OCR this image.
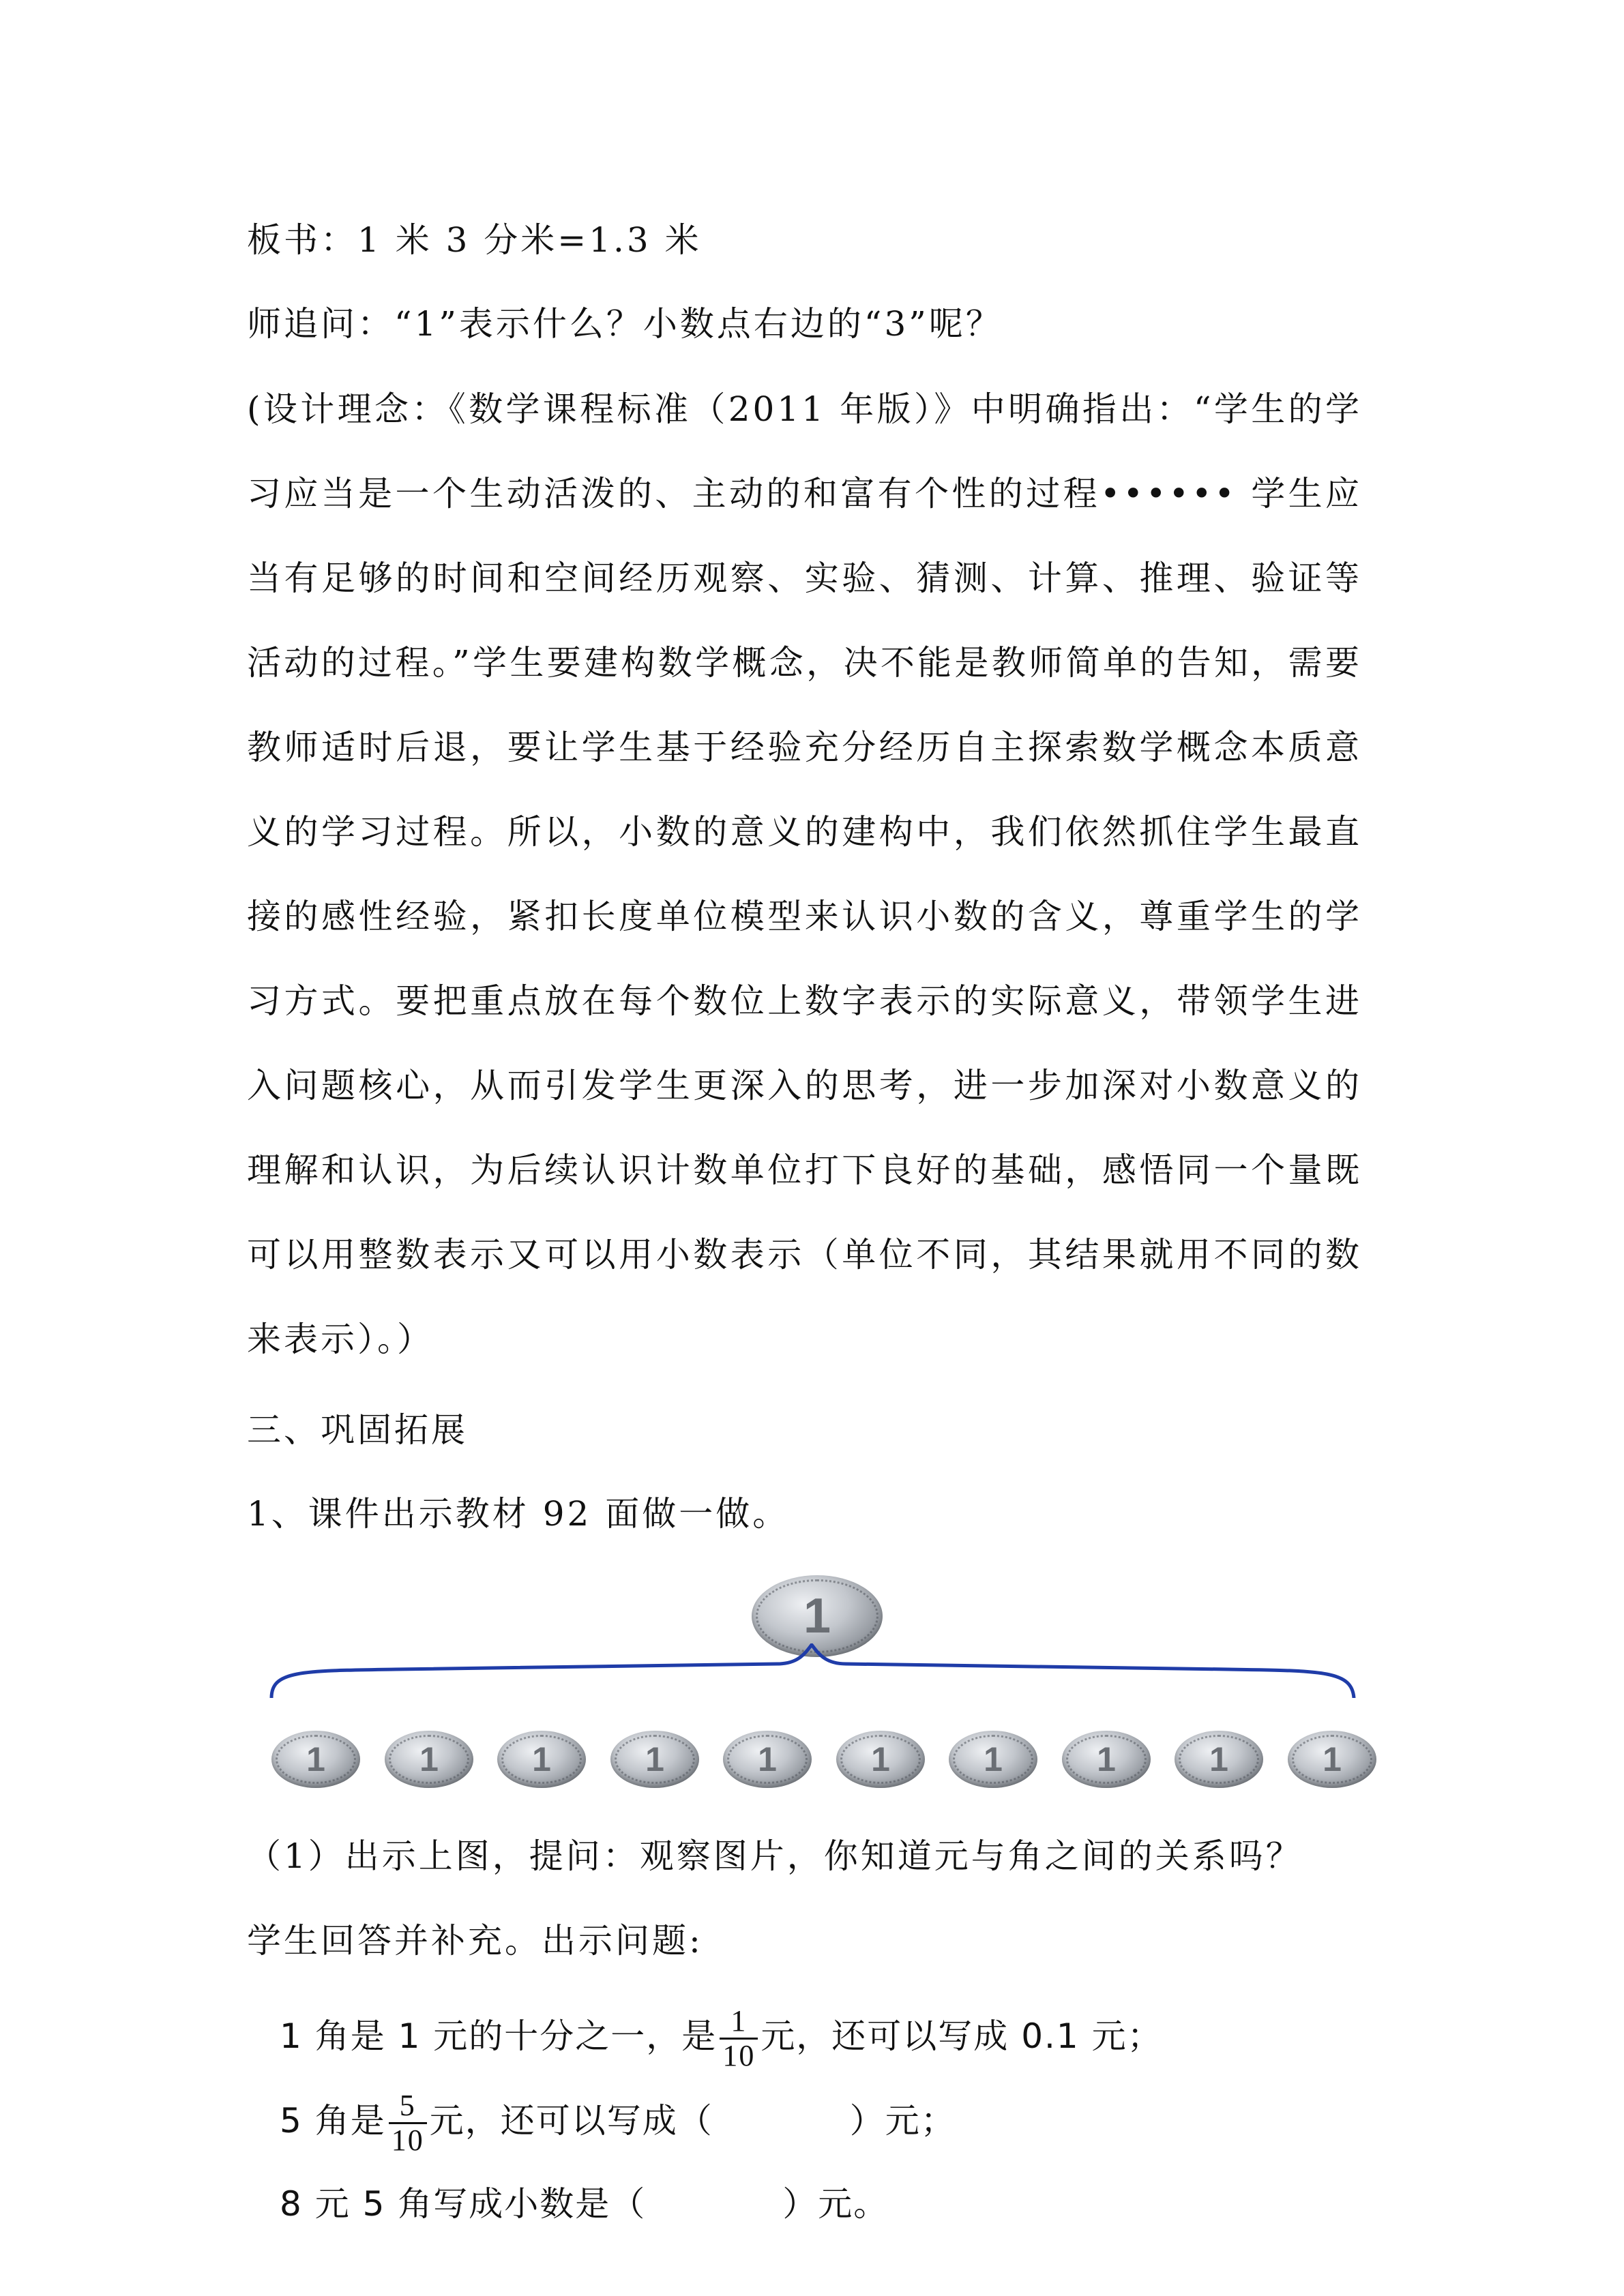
板书：1 米 3 分米=1.3 米
师追问：“1”表示什么？小数点右边的“3”呢？
(设计理念：《数学课程标准（2011 年版）》中明确指出：“学生的学习应当是一个生动活泼的、主动的和富有个性的过程•••••• 学生应当有足够的时间和空间经历观察、实验、猜测、计算、推理、验证等活动的过程。”学生要建构数学概念，决不能是教师简单的告知，需要教师适时后退，要让学生基于经验充分经历自主探索数学概念本质意义的学习过程。所以，小数的意义的建构中，我们依然抓住学生最直接的感性经验，紧扣长度单位模型来认识小数的含义，尊重学生的学习方式。要把重点放在每个数位上数字表示的实际意义，带领学生进入问题核心，从而引发学生更深入的思考，进一步加深对小数意义的理解和认识，为后续认识计数单位打下良好的基础，感悟同一个量既可以用整数表示又可以用小数表示（单位不同，其结果就用不同的数来表示）。）
三、巩固拓展
1、课件出示教材 92 面做一做。
1
1	1	1	1	1	1	1	1	1	1
（1）出示上图，提问：观察图片，你知道元与角之间的关系吗？
学生回答并补充。出示问题:
1 角是 1 元的十分之一，是 $\frac{1}{10}$ 元，还可以写成 0.1 元；
5 角是 $\frac{5}{10}$ 元，还可以写成（	）元；
8 元 5 角写成小数是（	）元。
